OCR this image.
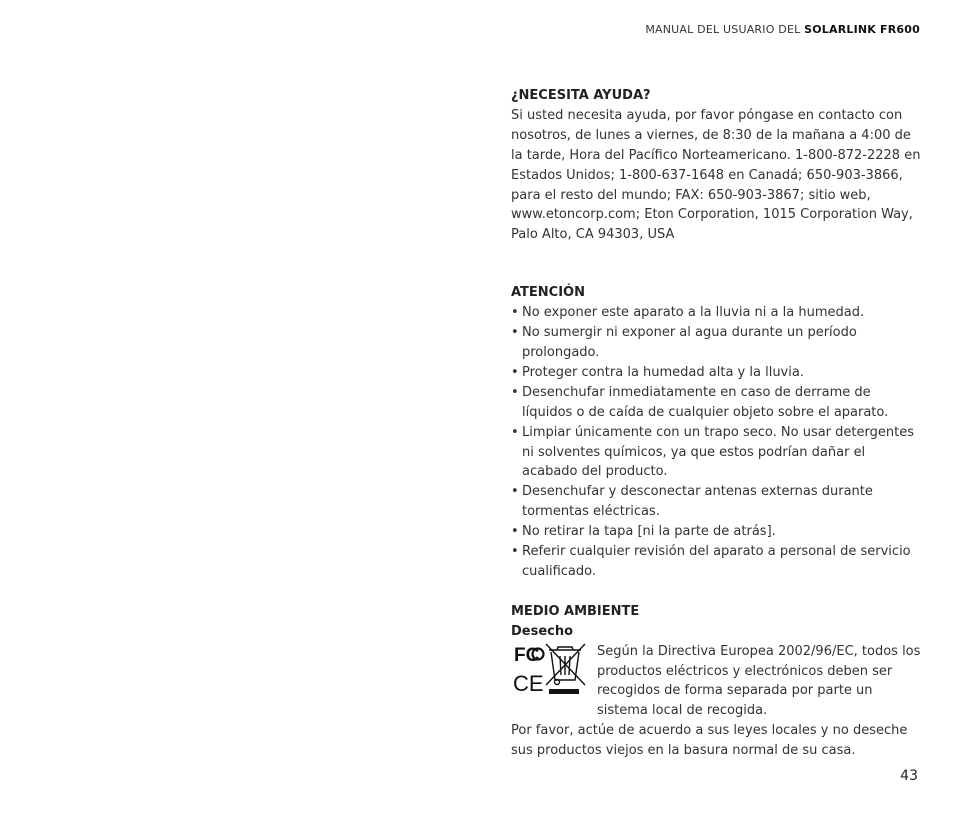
MANUAL DEL USUARIO DEL SOLARLINK FR600

¿NECESITA AYUDA?

Si usted necesita ayuda, por favor póngase en contacto con nosotros, de lunes a viernes, de 8:30 de la mañana a 4:00 de la tarde, Hora del Pacífico Norteamericano. 1-800-872-2228 en Estados Unidos; 1-800-637-1648 en Canadá; 650-903-3866, para el resto del mundo; FAX: 650-903-3867; sitio web, www.etoncorp.com; Eton Corporation, 1015 Corporation Way, Palo Alto, CA 94303, USA

ATENCIÓN

• No exponer este aparato a la lluvia ni a la humedad.
• No sumergir ni exponer al agua durante un período prolongado.
• Proteger contra la humedad alta y la lluvia.
• Desenchufar inmediatamente en caso de derrame de líquidos o de caída de cualquier objeto sobre el aparato.
• Limpiar únicamente con un trapo seco. No usar detergentes ni solventes químicos, ya que estos podrían dañar el acabado del producto.
• Desenchufar y desconectar antenas externas durante tormentas eléctricas.
• No retirar la tapa [ni la parte de atrás].
• Referir cualquier revisión del aparato a personal de servicio cualificado.

MEDIO AMBIENTE

Desecho

FC
CE

Según la Directiva Europea 2002/96/EC, todos los productos eléctricos y electrónicos deben ser recogidos de forma separada por parte un sistema local de recogida.

Por favor, actúe de acuerdo a sus leyes locales y no deseche sus productos viejos en la basura normal de su casa.

43
